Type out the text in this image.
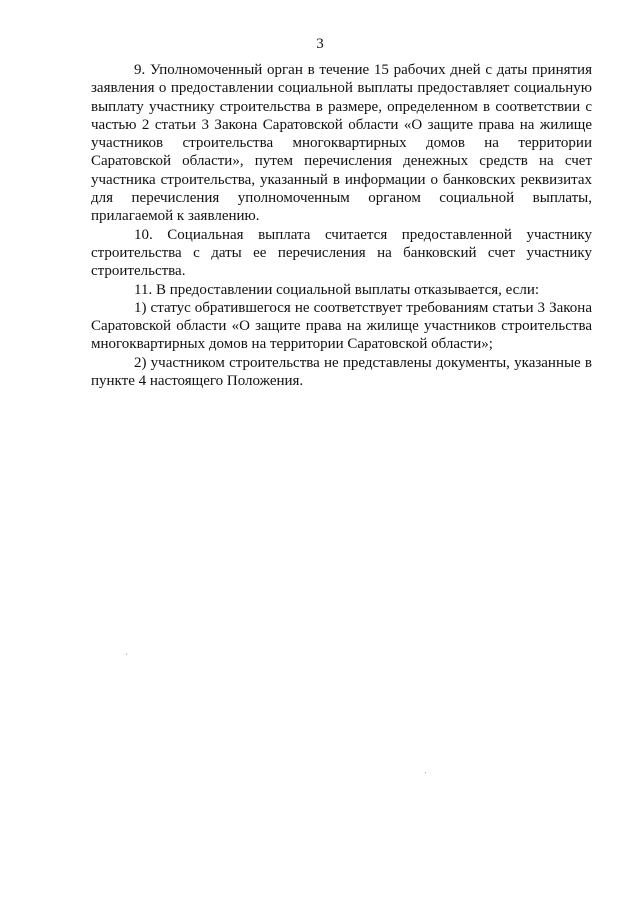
3

9. Уполномоченный орган в течение 15 рабочих дней с даты принятия заявления о предоставлении социальной выплаты предоставляет социальную выплату участнику строительства в размере, определенном в соответствии с частью 2 статьи 3 Закона Саратовской области «О защите права на жилище участников строительства многоквартирных домов на территории Саратовской области», путем перечисления денежных средств на счет участника строительства, указанный в информации о банковских реквизитах для перечисления уполномоченным органом социальной выплаты, прилагаемой к заявлению.

10. Социальная выплата считается предоставленной участнику строительства с даты ее перечисления на банковский счет участнику строительства.

11. В предоставлении социальной выплаты отказывается, если:

1) статус обратившегося не соответствует требованиям статьи 3 Закона Саратовской области «О защите права на жилище участников строительства многоквартирных домов на территории Саратовской области»;

2) участником строительства не представлены документы, указанные в пункте 4 настоящего Положения.
